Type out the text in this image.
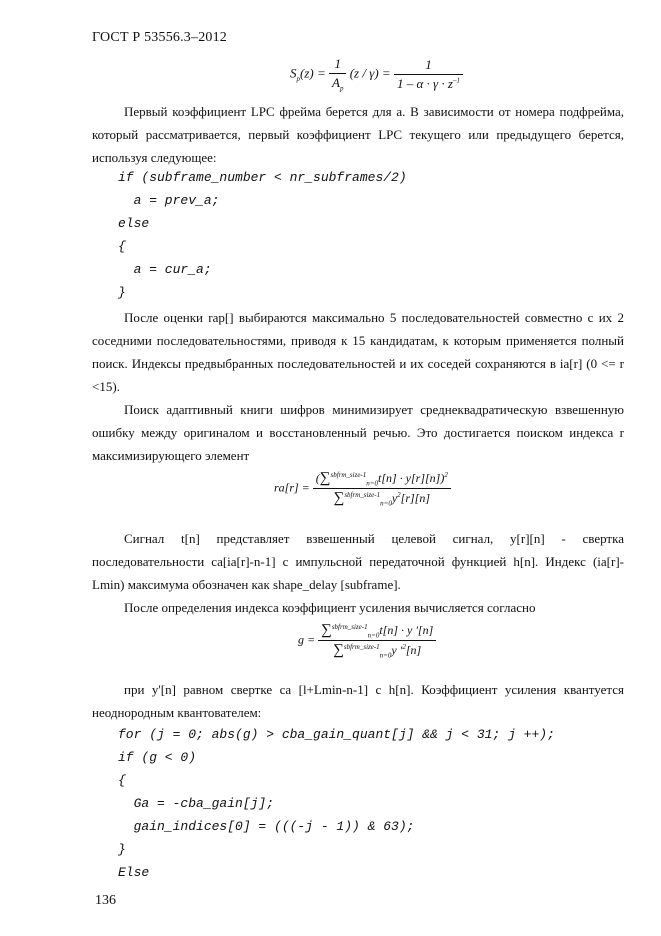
ГОСТ Р 53556.3–2012
$S_p(z) = \frac{1}{A_p} (z / \gamma) = \frac{1}{1 - \alpha \cdot \gamma \cdot z^{-1}}$
Первый коэффициент LPC фрейма берется для a. В зависимости от номера подфрейма, который рассматривается, первый коэффициент LPC текущего или предыдущего берется, используя следующее:
if (subframe_number < nr_subframes/2)
a = prev_a;
else
{
a = cur_a;
}
После оценки rap[] выбираются максимально 5 последовательностей совместно с их 2 соседними последовательностями, приводя к 15 кандидатам, к которым применяется полный поиск. Индексы предвыбранных последовательностей и их соседей сохраняются в ia[r] (0 <= r <15).
Поиск адаптивный книги шифров минимизирует среднеквадратическую взвешенную ошибку между оригиналом и восстановленный речью. Это достигается поиском индекса r максимизирующего элемент
$ra[r] = \frac{(\sum^{sbfrm\_size-1}_{n=0}t[n] \cdot y[r][n])^2}{\sum^{sbfrm\_size-1}_{n=0}y^2[r][n]}$
Сигнал t[n] представляет взвешенный целевой сигнал, y[r][n] - свертка последовательности ca[ia[r]-n-1] с импульсной передаточной функцией h[n]. Индекс (ia[r]-Lmin) максимума обозначен как shape_delay [subframe].
После определения индекса коэффициент усиления вычисляется согласно
$g = \frac{\sum^{sbfrm\_size-1}_{n=0}t[n] \cdot y '[n]}{\sum^{sbfrm\_size-1}_{n=0}y '^2[n]}$
при y'[n] равном свертке ca [l+Lmin-n-1] с h[n]. Коэффициент усиления квантуется неоднородным квантователем:
for (j = 0; abs(g) > cba_gain_quant[j] && j < 31; j ++);
if (g < 0)
{
Ga = -cba_gain[j];
gain_indices[0] = (((-j - 1)) & 63);
}
Else
136
